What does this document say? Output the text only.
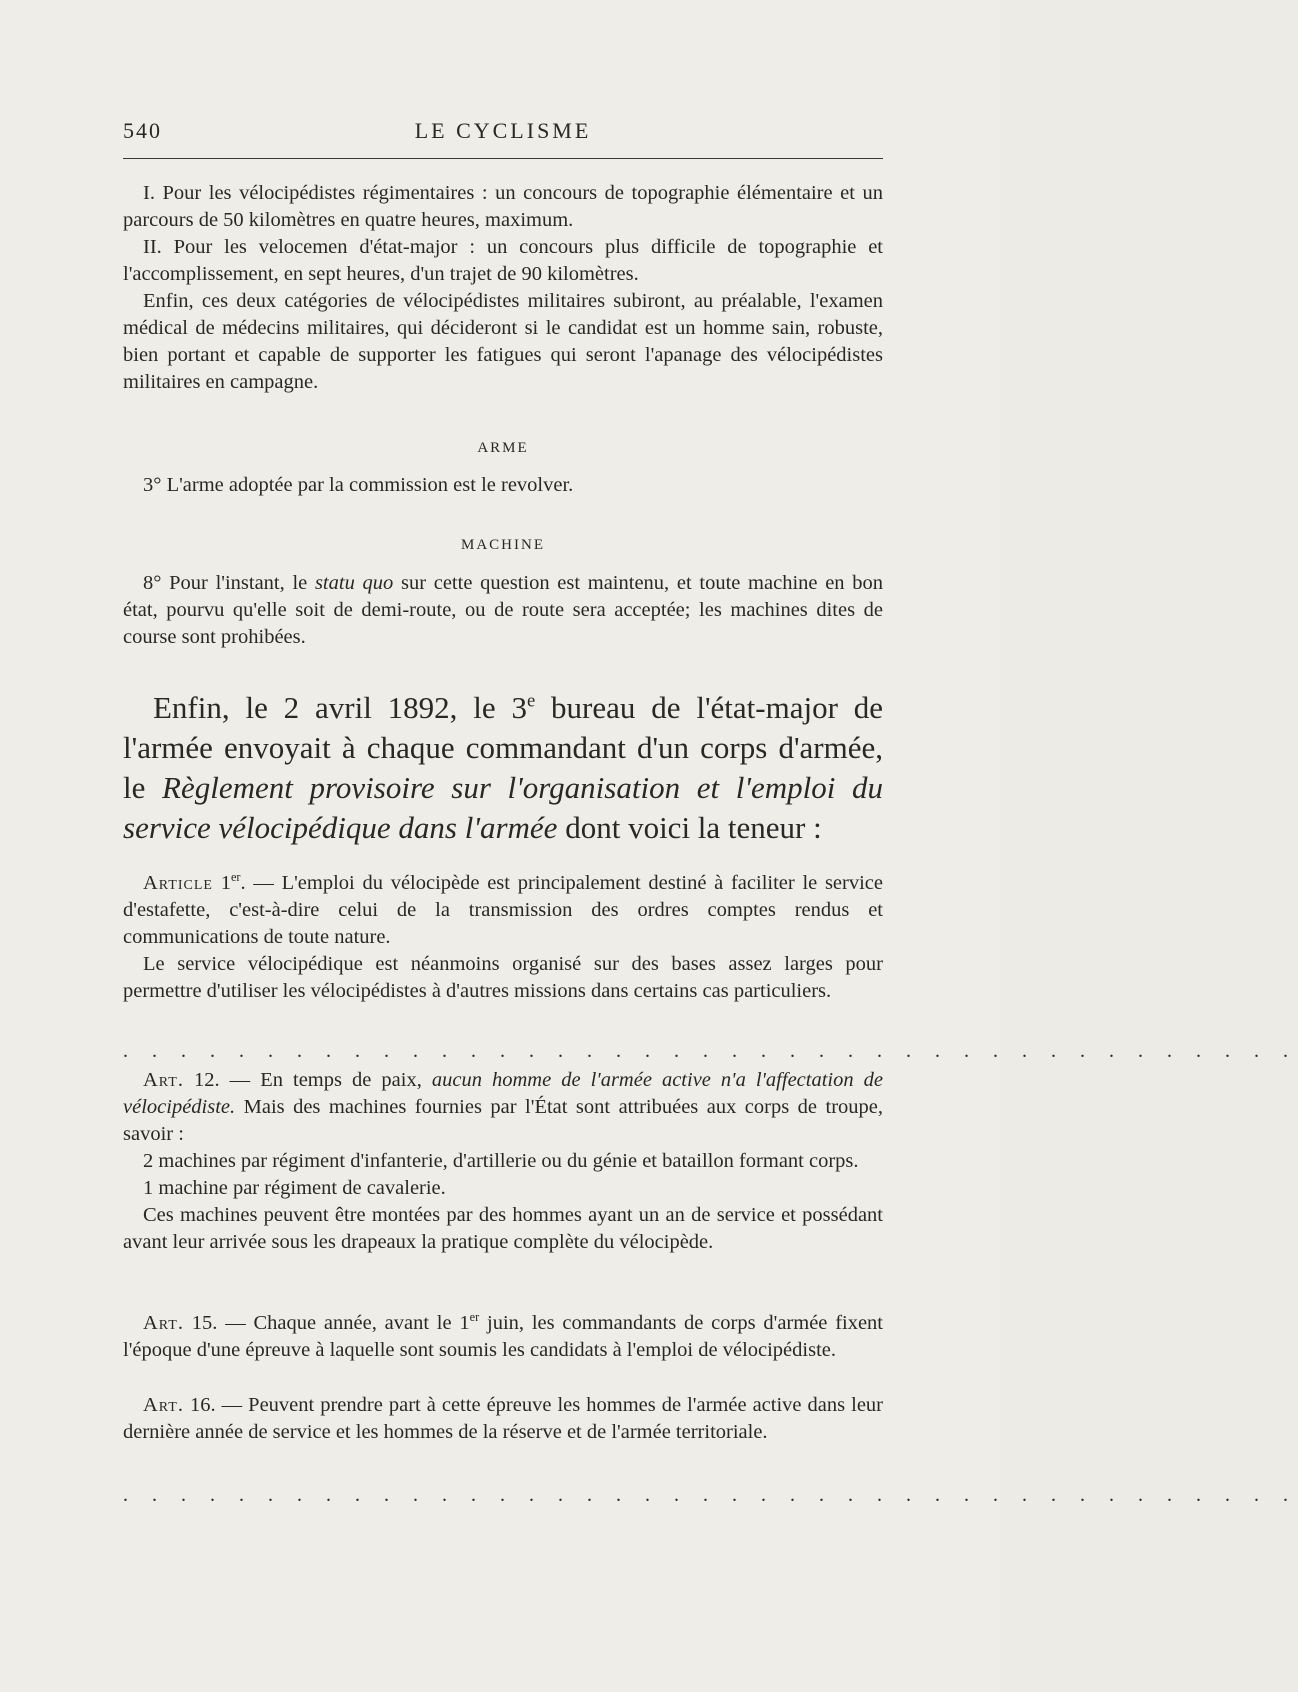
540	LE CYCLISME

I. Pour les vélocipédistes régimentaires : un concours de topographie élémentaire et un parcours de 50 kilomètres en quatre heures, maximum.

II. Pour les velocemen d'état-major : un concours plus difficile de topographie et l'accomplissement, en sept heures, d'un trajet de 90 kilomètres.

Enfin, ces deux catégories de vélocipédistes militaires subiront, au préalable, l'examen médical de médecins militaires, qui décideront si le candidat est un homme sain, robuste, bien portant et capable de supporter les fatigues qui seront l'apanage des vélocipédistes militaires en campagne.

ARME

3° L'arme adoptée par la commission est le revolver.

MACHINE

8° Pour l'instant, le statu quo sur cette question est maintenu, et toute machine en bon état, pourvu qu'elle soit de demi-route, ou de route sera acceptée; les machines dites de course sont prohibées.

Enfin, le 2 avril 1892, le 3e bureau de l'état-major de l'armée envoyait à chaque commandant d'un corps d'armée, le Règlement provisoire sur l'organisation et l'emploi du service vélocipédique dans l'armée dont voici la teneur :

Article 1er. — L'emploi du vélocipède est principalement destiné à faciliter le service d'estafette, c'est-à-dire celui de la transmission des ordres comptes rendus et communications de toute nature.

Le service vélocipédique est néanmoins organisé sur des bases assez larges pour permettre d'utiliser les vélocipédistes à d'autres missions dans certains cas particuliers.

. . . . . . . . . . . . . . . . . . . . . . . . . . . . . . . . . . . . . . . . .

Art. 12. — En temps de paix, aucun homme de l'armée active n'a l'affectation de vélocipédiste. Mais des machines fournies par l'État sont attribuées aux corps de troupe, savoir :

2 machines par régiment d'infanterie, d'artillerie ou du génie et bataillon formant corps.

1 machine par régiment de cavalerie.

Ces machines peuvent être montées par des hommes ayant un an de service et possédant avant leur arrivée sous les drapeaux la pratique complète du vélocipède.

Art. 15. — Chaque année, avant le 1er juin, les commandants de corps d'armée fixent l'époque d'une épreuve à laquelle sont soumis les candidats à l'emploi de vélocipédiste.

Art. 16. — Peuvent prendre part à cette épreuve les hommes de l'armée active dans leur dernière année de service et les hommes de la réserve et de l'armée territoriale.

. . . . . . . . . . . . . . . . . . . . . . . . . . . . . . . . . . . . . . . . .
